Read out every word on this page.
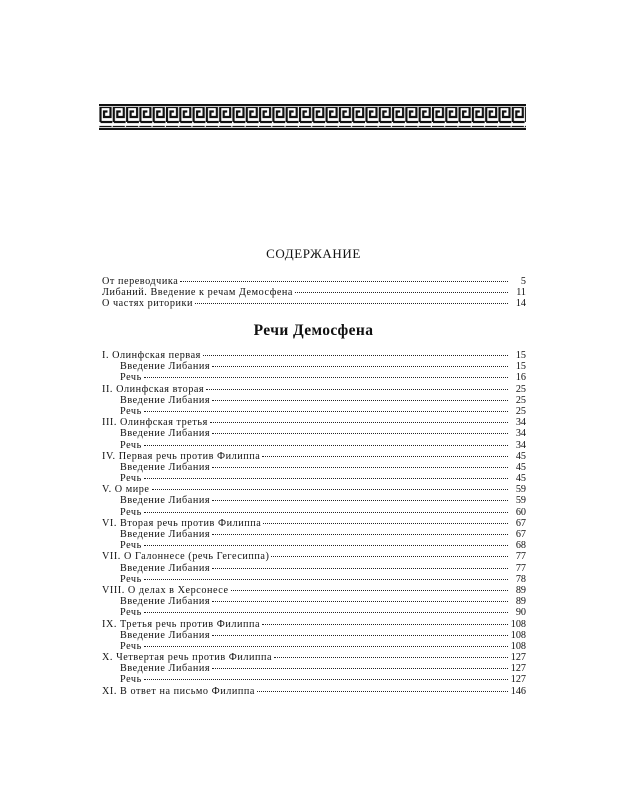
СОДЕРЖАНИЕ
От переводчика	5
Либаний. Введение к речам Демосфена	11
О частях риторики	14
Речи Демосфена
I. Олинфская первая	15
Введение Либания	15
Речь	16
II. Олинфская вторая	25
Введение Либания	25
Речь	25
III. Олинфская третья	34
Введение Либания	34
Речь	34
IV. Первая речь против Филиппа	45
Введение Либания	45
Речь	45
V. О мире	59
Введение Либания	59
Речь	60
VI. Вторая речь против Филиппа	67
Введение Либания	67
Речь	68
VII. О Галоннесе (речь Гегесиппа)	77
Введение Либания	77
Речь	78
VIII. О делах в Херсонесе	89
Введение Либания	89
Речь	90
IX. Третья речь против Филиппа	108
Введение Либания	108
Речь	108
X. Четвертая речь против Филиппа	127
Введение Либания	127
Речь	127
XI. В ответ на письмо Филиппа	146
